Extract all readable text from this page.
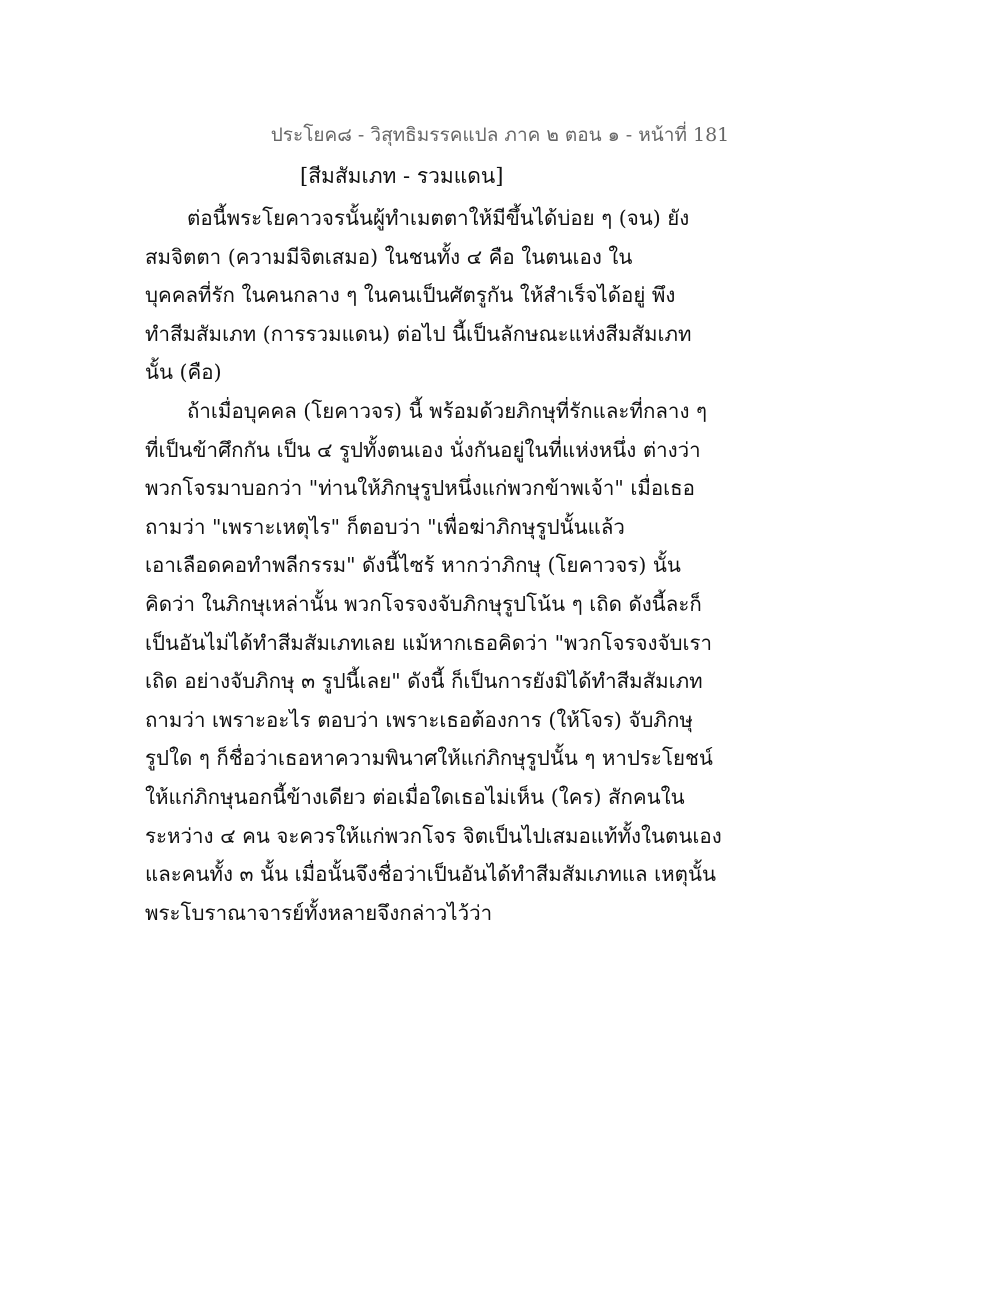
ประโยค๘ - วิสุทธิมรรคแปล ภาค ๒ ตอน ๑ - หน้าที่ 181
[สีมสัมเภท - รวมแดน]
ต่อนี้พระโยคาวจรนั้นผู้ทำเมตตาให้มีขึ้นได้บ่อย ๆ (จน) ยัง
สมจิตตา (ความมีจิตเสมอ) ในชนทั้ง ๔ คือ ในตนเอง ใน
บุคคลที่รัก ในคนกลาง ๆ ในคนเป็นศัตรูกัน ให้สำเร็จได้อยู่ พึง
ทำสีมสัมเภท (การรวมแดน) ต่อไป นี้เป็นลักษณะแห่งสีมสัมเภท
นั้น (คือ)
ถ้าเมื่อบุคคล (โยคาวจร) นี้ พร้อมด้วยภิกษุที่รักและที่กลาง ๆ
ที่เป็นข้าศึกกัน เป็น ๔ รูปทั้งตนเอง นั่งกันอยู่ในที่แห่งหนึ่ง ต่างว่า
พวกโจรมาบอกว่า "ท่านให้ภิกษุรูปหนึ่งแก่พวกข้าพเจ้า" เมื่อเธอ
ถามว่า "เพราะเหตุไร" ก็ตอบว่า "เพื่อฆ่าภิกษุรูปนั้นแล้ว
เอาเลือดคอทำพลีกรรม" ดังนี้ไซร้ หากว่าภิกษุ (โยคาวจร) นั้น
คิดว่า ในภิกษุเหล่านั้น พวกโจรจงจับภิกษุรูปโน้น ๆ เถิด ดังนี้ละก็
เป็นอันไม่ได้ทำสีมสัมเภทเลย แม้หากเธอคิดว่า "พวกโจรจงจับเรา
เถิด อย่างจับภิกษุ ๓ รูปนี้เลย" ดังนี้ ก็เป็นการยังมิได้ทำสีมสัมเภท
ถามว่า เพราะอะไร ตอบว่า เพราะเธอต้องการ (ให้โจร) จับภิกษุ
รูปใด ๆ ก็ชื่อว่าเธอหาความพินาศให้แก่ภิกษุรูปนั้น ๆ หาประโยชน์
ให้แก่ภิกษุนอกนี้ข้างเดียว ต่อเมื่อใดเธอไม่เห็น (ใคร) สักคนใน
ระหว่าง ๔ คน จะควรให้แก่พวกโจร จิตเป็นไปเสมอแท้ทั้งในตนเอง
และคนทั้ง ๓ นั้น เมื่อนั้นจึงชื่อว่าเป็นอันได้ทำสีมสัมเภทแล เหตุนั้น
พระโบราณาจารย์ทั้งหลายจึงกล่าวไว้ว่า
